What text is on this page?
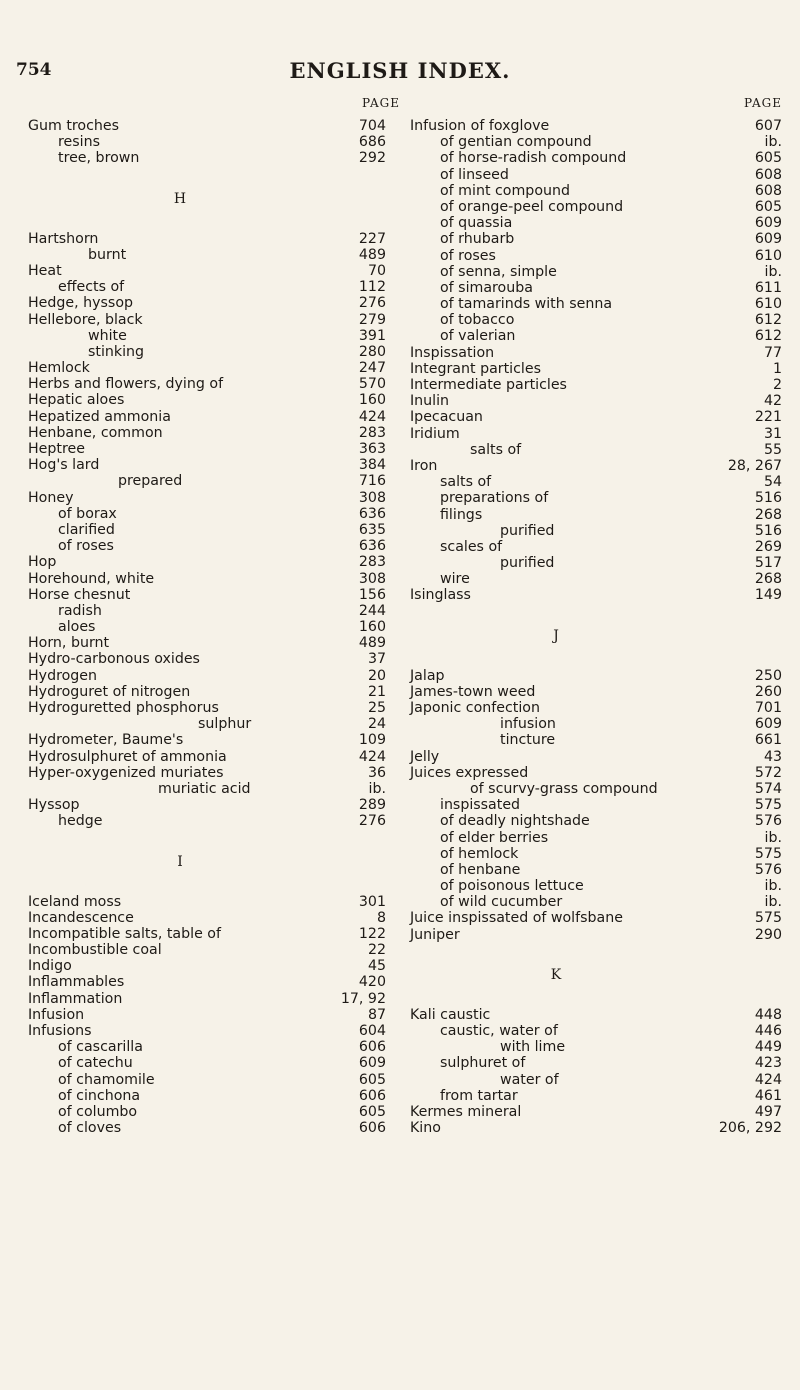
754	ENGLISH INDEX.
PAGE
Gum troches	704
resins	686
tree, brown	292
H
Hartshorn	227
burnt	489
Heat	70
effects of	112
Hedge, hyssop	276
Hellebore, black	279
white	391
stinking	280
Hemlock	247
Herbs and flowers, dying of	570
Hepatic aloes	160
Hepatized ammonia	424
Henbane, common	283
Heptree	363
Hog's lard	384
prepared	716
Honey	308
of borax	636
clarified	635
of roses	636
Hop	283
Horehound, white	308
Horse chesnut	156
radish	244
aloes	160
Horn, burnt	489
Hydro-carbonous oxides	37
Hydrogen	20
Hydroguret of nitrogen	21
Hydroguretted phosphorus	25
sulphur	24
Hydrometer, Baume's	109
Hydrosulphuret of ammonia	424
Hyper-oxygenized muriates	36
muriatic acid	ib.
Hyssop	289
hedge	276
I
Iceland moss	301
Incandescence	8
Incompatible salts, table of	122
Incombustible coal	22
Indigo	45
Inflammables	420
Inflammation	17, 92
Infusion	87
Infusions	604
of cascarilla	606
of catechu	609
of chamomile	605
of cinchona	606
of columbo	605
of cloves	606
PAGE
Infusion of foxglove	607
of gentian compound	ib.
of horse-radish compound	605
of linseed	608
of mint compound	608
of orange-peel compound	605
of quassia	609
of rhubarb	609
of roses	610
of senna, simple	ib.
of simarouba	611
of tamarinds with senna	610
of tobacco	612
of valerian	612
Inspissation	77
Integrant particles	1
Intermediate particles	2
Inulin	42
Ipecacuan	221
Iridium	31
salts of	55
Iron	28, 267
salts of	54
preparations of	516
filings	268
purified	516
scales of	269
purified	517
wire	268
Isinglass	149
J
Jalap	250
James-town weed	260
Japonic confection	701
infusion	609
tincture	661
Jelly	43
Juices expressed	572
of scurvy-grass compound	574
inspissated	575
of deadly nightshade	576
of elder berries	ib.
of hemlock	575
of henbane	576
of poisonous lettuce	ib.
of wild cucumber	ib.
Juice inspissated of wolfsbane	575
Juniper	290
K
Kali caustic	448
caustic, water of	446
with lime	449
sulphuret of	423
water of	424
from tartar	461
Kermes mineral	497
Kino	206, 292
